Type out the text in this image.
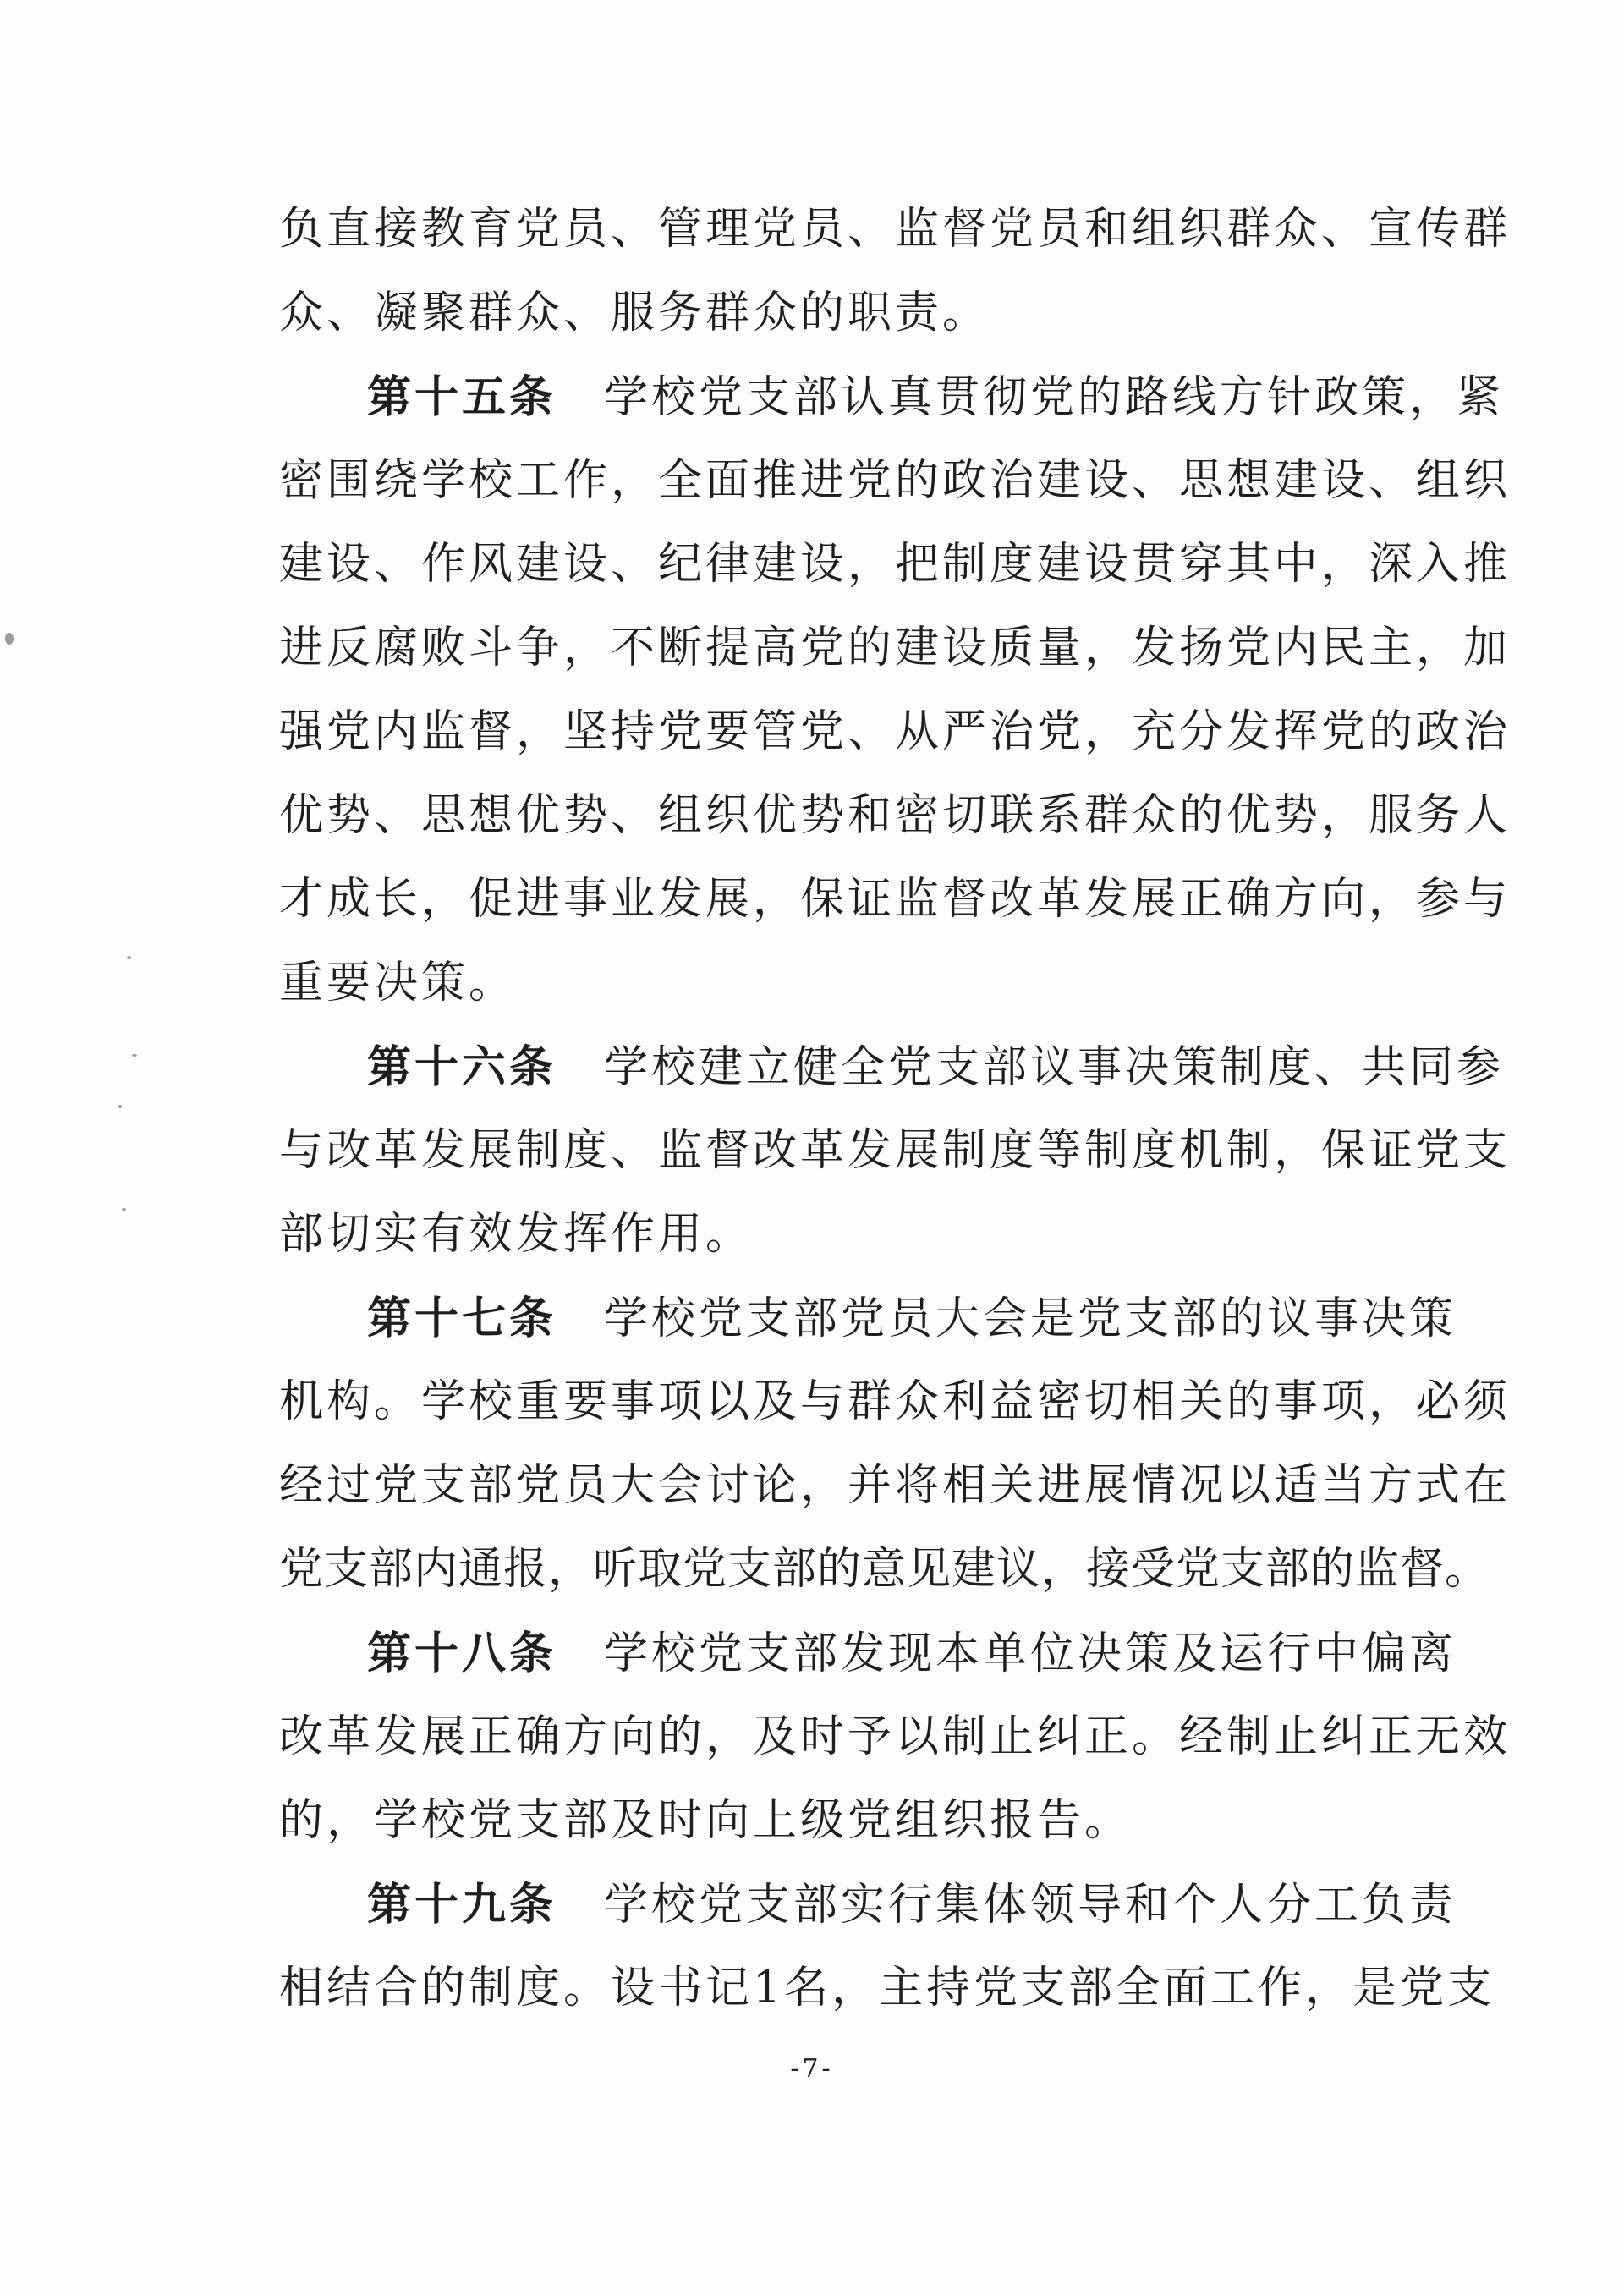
负直接教育党员、管理党员、监督党员和组织群众、宣传群
众、凝聚群众、服务群众的职责。
第十五条 学校党支部认真贯彻党的路线方针政策，紧
密围绕学校工作，全面推进党的政治建设、思想建设、组织
建设、作风建设、纪律建设，把制度建设贯穿其中，深入推
进反腐败斗争，不断提高党的建设质量，发扬党内民主，加
强党内监督，坚持党要管党、从严治党，充分发挥党的政治
优势、思想优势、组织优势和密切联系群众的优势，服务人
才成长，促进事业发展，保证监督改革发展正确方向，参与
重要决策。
第十六条 学校建立健全党支部议事决策制度、共同参
与改革发展制度、监督改革发展制度等制度机制，保证党支
部切实有效发挥作用。
第十七条 学校党支部党员大会是党支部的议事决策
机构。学校重要事项以及与群众利益密切相关的事项，必须
经过党支部党员大会讨论，并将相关进展情况以适当方式在
党支部内通报，听取党支部的意见建议，接受党支部的监督。
第十八条 学校党支部发现本单位决策及运行中偏离
改革发展正确方向的，及时予以制止纠正。经制止纠正无效
的，学校党支部及时向上级党组织报告。
第十九条 学校党支部实行集体领导和个人分工负责
相结合的制度。设书记1名，主持党支部全面工作，是党支
-7-
